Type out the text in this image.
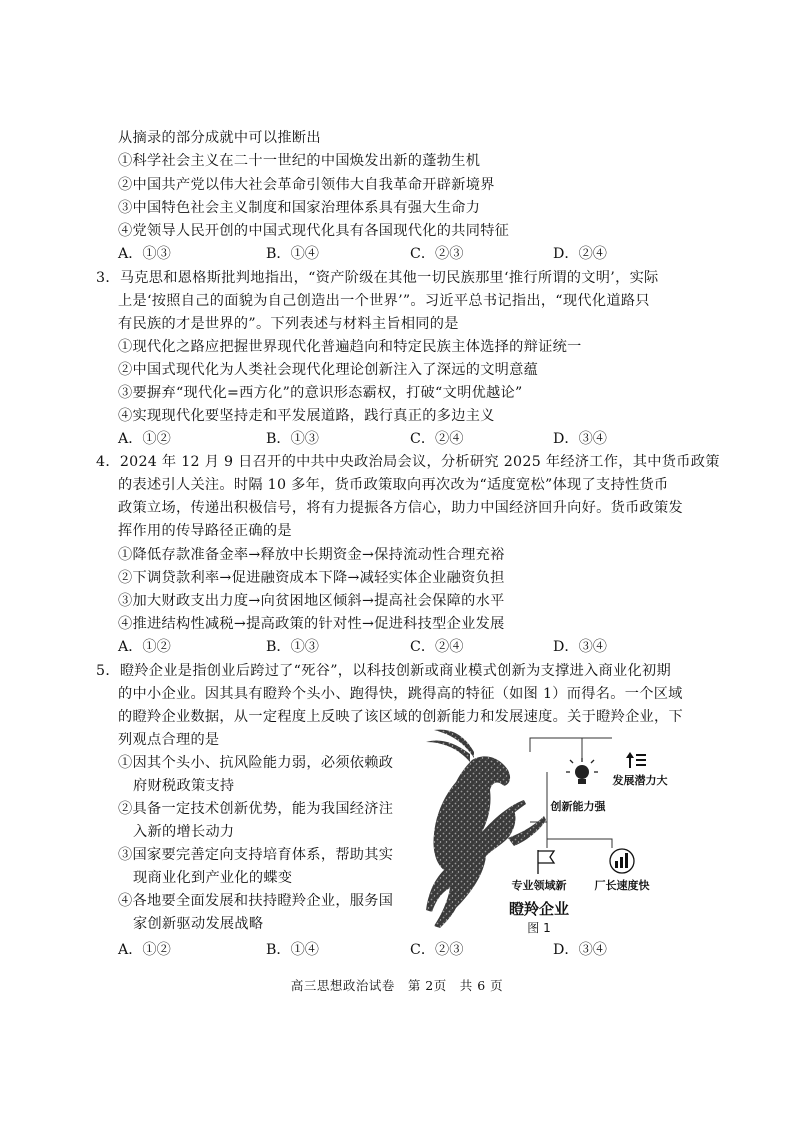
从摘录的部分成就中可以推断出
①科学社会主义在二十一世纪的中国焕发出新的蓬勃生机
②中国共产党以伟大社会革命引领伟大自我革命开辟新境界
③中国特色社会主义制度和国家治理体系具有强大生命力
④党领导人民开创的中国式现代化具有各国现代化的共同特征
A．①③	B．①④	C．②③	D．②④
3．马克思和恩格斯批判地指出，“资产阶级在其他一切民族那里‘推行所谓的文明’，实际
上是‘按照自己的面貌为自己创造出一个世界’”。习近平总书记指出，“现代化道路只
有民族的才是世界的”。下列表述与材料主旨相同的是
①现代化之路应把握世界现代化普遍趋向和特定民族主体选择的辩证统一
②中国式现代化为人类社会现代化理论创新注入了深远的文明意蕴
③要摒弃“现代化=西方化”的意识形态霸权，打破“文明优越论”
④实现现代化要坚持走和平发展道路，践行真正的多边主义
A．①②	B．①③	C．②④	D．③④
4．2024 年 12 月 9 日召开的中共中央政治局会议，分析研究 2025 年经济工作，其中货币政策
的表述引人关注。时隔 10 多年，货币政策取向再次改为“适度宽松”体现了支持性货币
政策立场，传递出积极信号，将有力提振各方信心，助力中国经济回升向好。货币政策发
挥作用的传导路径正确的是
①降低存款准备金率→释放中长期资金→保持流动性合理充裕
②下调贷款利率→促进融资成本下降→减轻实体企业融资负担
③加大财政支出力度→向贫困地区倾斜→提高社会保障的水平
④推进结构性减税→提高政策的针对性→促进科技型企业发展
A．①②	B．①③	C．②④	D．③④
5．瞪羚企业是指创业后跨过了“死谷”，以科技创新或商业模式创新为支撑进入商业化初期
的中小企业。因其具有瞪羚个头小、跑得快，跳得高的特征（如图 1）而得名。一个区域
的瞪羚企业数据，从一定程度上反映了该区域的创新能力和发展速度。关于瞪羚企业，下
列观点合理的是
①因其个头小、抗风险能力弱，必须依赖政
府财税政策支持
②具备一定技术创新优势，能为我国经济注
入新的增长动力
③国家要完善定向支持培育体系，帮助其实
现商业化到产业化的蝶变
④各地要全面发展和扶持瞪羚企业，服务国
家创新驱动发展战略
A．①②	B．①④	C．②③	D．③④
创新能力强
发展潜力大
专业领域新	厂长速度快
瞪羚企业
图 1
高三思想政治试卷　第 2页　共 6 页
